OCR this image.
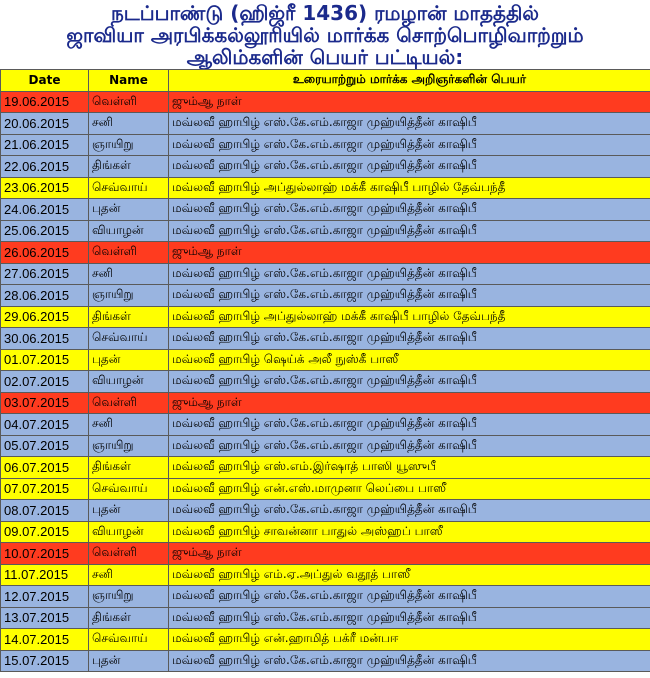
நடப்பாண்டு (ஹிஜ்ரீ 1436) ரமழான் மாதத்தில்
ஜாவியா அரபிக்கல்லூரியில் மார்க்க சொற்பொழிவாற்றும்
ஆலிம்களின் பெயர் பட்டியல்:
Date	Name	உரையாற்றும் மார்க்க அறிஞர்களின் பெயர்
19.06.2015	வெள்ளி	ஜும்ஆ நாள்
20.06.2015	சனி	மவ்லவீ ஹாபிழ் எஸ்.கே.எம்.காஜா முஹ்யித்தீன் காஷிபீ
21.06.2015	ஞாயிறு	மவ்லவீ ஹாபிழ் எஸ்.கே.எம்.காஜா முஹ்யித்தீன் காஷிபீ
22.06.2015	திங்கள்	மவ்லவீ ஹாபிழ் எஸ்.கே.எம்.காஜா முஹ்யித்தீன் காஷிபீ
23.06.2015	செவ்வாய்	மவ்லவீ ஹாபிழ் அப்துல்லாஹ் மக்கீ காஷிபீ பாழில் தேவ்பந்தீ
24.06.2015	புதன்	மவ்லவீ ஹாபிழ் எஸ்.கே.எம்.காஜா முஹ்யித்தீன் காஷிபீ
25.06.2015	வியாழன்	மவ்லவீ ஹாபிழ் எஸ்.கே.எம்.காஜா முஹ்யித்தீன் காஷிபீ
26.06.2015	வெள்ளி	ஜும்ஆ நாள்
27.06.2015	சனி	மவ்லவீ ஹாபிழ் எஸ்.கே.எம்.காஜா முஹ்யித்தீன் காஷிபீ
28.06.2015	ஞாயிறு	மவ்லவீ ஹாபிழ் எஸ்.கே.எம்.காஜா முஹ்யித்தீன் காஷிபீ
29.06.2015	திங்கள்	மவ்லவீ ஹாபிழ் அப்துல்லாஹ் மக்கீ காஷிபீ பாழில் தேவ்பந்தீ
30.06.2015	செவ்வாய்	மவ்லவீ ஹாபிழ் எஸ்.கே.எம்.காஜா முஹ்யித்தீன் காஷிபீ
01.07.2015	புதன்	மவ்லவீ ஹாபிழ் ஷெய்க் அலீ நுஸ்கீ பாஸீ
02.07.2015	வியாழன்	மவ்லவீ ஹாபிழ் எஸ்.கே.எம்.காஜா முஹ்யித்தீன் காஷிபீ
03.07.2015	வெள்ளி	ஜும்ஆ நாள்
04.07.2015	சனி	மவ்லவீ ஹாபிழ் எஸ்.கே.எம்.காஜா முஹ்யித்தீன் காஷிபீ
05.07.2015	ஞாயிறு	மவ்லவீ ஹாபிழ் எஸ்.கே.எம்.காஜா முஹ்யித்தீன் காஷிபீ
06.07.2015	திங்கள்	மவ்லவீ ஹாபிழ் எஸ்.எம்.இர்ஷாத் பாஸி யூஸுபீ
07.07.2015	செவ்வாய்	மவ்லவீ ஹாபிழ் என்.எஸ்.மாமுனா லெப்பை பாஸீ
08.07.2015	புதன்	மவ்லவீ ஹாபிழ் எஸ்.கே.எம்.காஜா முஹ்யித்தீன் காஷிபீ
09.07.2015	வியாழன்	மவ்லவீ ஹாபிழ் சாவன்னா பாதுல் அஸ்ஹப் பாஸீ
10.07.2015	வெள்ளி	ஜும்ஆ நாள்
11.07.2015	சனி	மவ்லவீ ஹாபிழ் எம்.ஏ.அப்துல் வதூத் பாஸீ
12.07.2015	ஞாயிறு	மவ்லவீ ஹாபிழ் எஸ்.கே.எம்.காஜா முஹ்யித்தீன் காஷிபீ
13.07.2015	திங்கள்	மவ்லவீ ஹாபிழ் எஸ்.கே.எம்.காஜா முஹ்யித்தீன் காஷிபீ
14.07.2015	செவ்வாய்	மவ்லவீ ஹாபிழ் என்.ஹாமித் பக்ரீ மன்பஈ
15.07.2015	புதன்	மவ்லவீ ஹாபிழ் எஸ்.கே.எம்.காஜா முஹ்யித்தீன் காஷிபீ
